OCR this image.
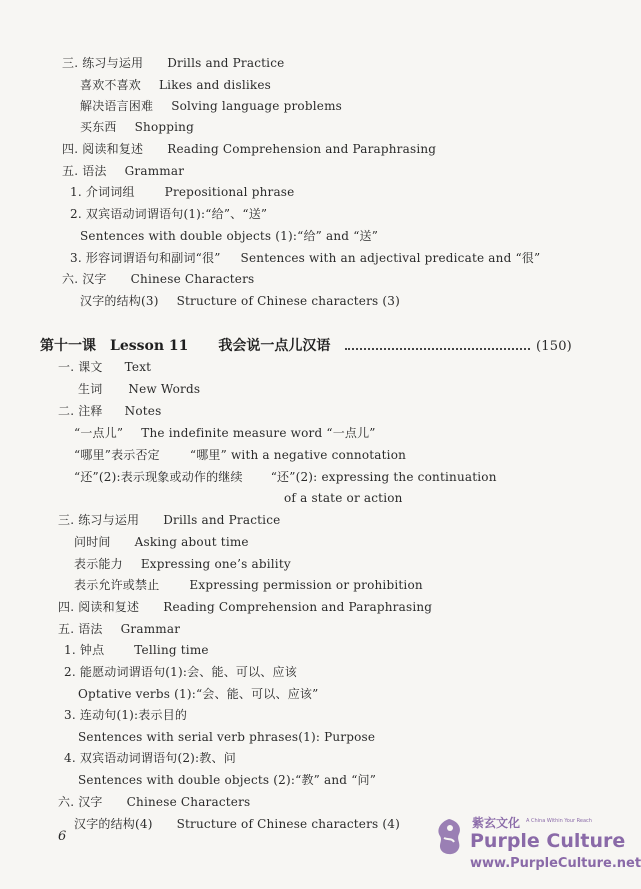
三. 练习与运用 Drills and Practice
喜欢不喜欢 Likes and dislikes
解决语言困难 Solving language problems
买东西 Shopping
四. 阅读和复述 Reading Comprehension and Paraphrasing
五. 语法 Grammar
1. 介词词组	Prepositional phrase
2. 双宾语动词谓语句(1):“给”、“送”
Sentences with double objects (1):“给” and “送”
3. 形容词谓语句和副词“很” Sentences with an adjectival predicate and “很”
六. 汉字 Chinese Characters
汉字的结构(3) Structure of Chinese characters (3)
第十一课 Lesson 11 我会说一点儿汉语	(150)
一. 课文 Text
生词 New Words
二. 注释 Notes
“一点儿” The indefinite measure word “一点儿”
“哪里”表示否定	“哪里” with a negative connotation
“还”(2):表示现象或动作的继续 “还”(2): expressing the continuation
of a state or action
三. 练习与运用 Drills and Practice
问时间 Asking about time
表示能力 Expressing one’s ability
表示允许或禁止	Expressing permission or prohibition
四. 阅读和复述 Reading Comprehension and Paraphrasing
五. 语法 Grammar
1. 钟点	Telling time
2. 能愿动词谓语句(1):会、能、可以、应该
Optative verbs (1):“会、能、可以、应该”
3. 连动句(1):表示目的
Sentences with serial verb phrases(1): Purpose
4. 双宾语动词谓语句(2):教、问
Sentences with double objects (2):“教” and “问”
六. 汉字 Chinese Characters
汉字的结构(4) Structure of Chinese characters (4)
6
紫玄文化 A China Within Your Reach
Purple Culture
www.PurpleCulture.net
